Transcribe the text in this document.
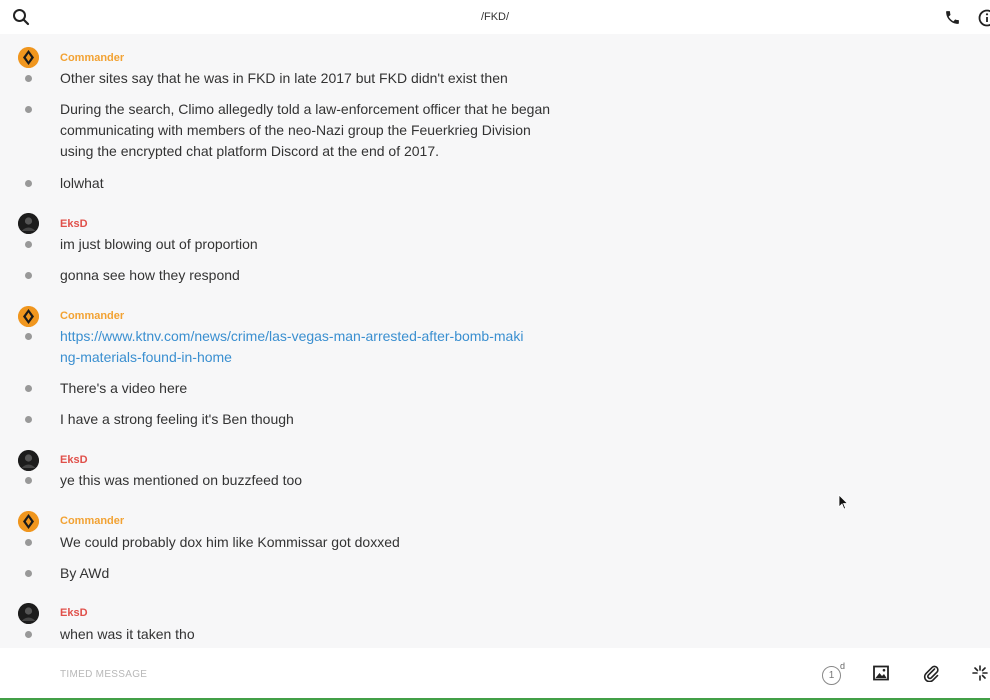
/FKD/
Commander
Other sites say that he was in FKD in late 2017 but FKD didn't exist then
During the search, Climo allegedly told a law-enforcement officer that he began communicating with members of the neo-Nazi group the Feuerkrieg Division using the encrypted chat platform Discord at the end of 2017.
lolwhat
EksD
im just blowing out of proportion
gonna see how they respond
Commander
https://www.ktnv.com/news/crime/las-vegas-man-arrested-after-bomb-making-materials-found-in-home
There's a video here
I have a strong feeling it's Ben though
EksD
ye this was mentioned on buzzfeed too
Commander
We could probably dox him like Kommissar got doxxed
By AWd
EksD
when was it taken tho
TIMED MESSAGE
1
d
